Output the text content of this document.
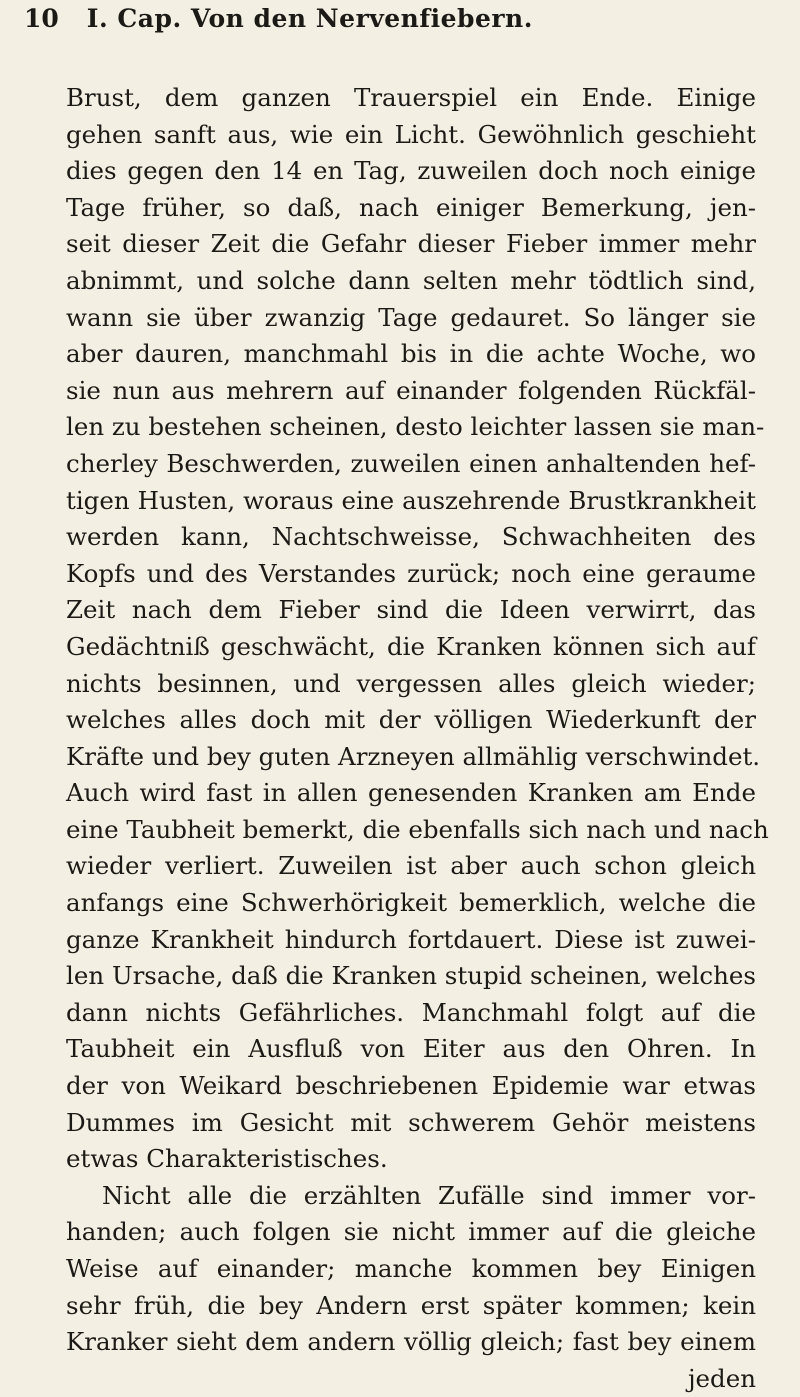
10 I. Cap. Von den Nervenfiebern.
Brust, dem ganzen Trauerspiel ein Ende. Einige
gehen sanft aus, wie ein Licht. Gewöhnlich geschieht
dies gegen den 14 en Tag, zuweilen doch noch einige
Tage früher, so daß, nach einiger Bemerkung, jen-
seit dieser Zeit die Gefahr dieser Fieber immer mehr
abnimmt, und solche dann selten mehr tödtlich sind,
wann sie über zwanzig Tage gedauret. So länger sie
aber dauren, manchmahl bis in die achte Woche, wo
sie nun aus mehrern auf einander folgenden Rückfäl-
len zu bestehen scheinen, desto leichter lassen sie man-
cherley Beschwerden, zuweilen einen anhaltenden hef-
tigen Husten, woraus eine auszehrende Brustkrankheit
werden kann, Nachtschweisse, Schwachheiten des
Kopfs und des Verstandes zurück; noch eine geraume
Zeit nach dem Fieber sind die Ideen verwirrt, das
Gedächtniß geschwächt, die Kranken können sich auf
nichts besinnen, und vergessen alles gleich wieder;
welches alles doch mit der völligen Wiederkunft der
Kräfte und bey guten Arzneyen allmählig verschwindet.
Auch wird fast in allen genesenden Kranken am Ende
eine Taubheit bemerkt, die ebenfalls sich nach und nach
wieder verliert. Zuweilen ist aber auch schon gleich
anfangs eine Schwerhörigkeit bemerklich, welche die
ganze Krankheit hindurch fortdauert. Diese ist zuwei-
len Ursache, daß die Kranken stupid scheinen, welches
dann nichts Gefährliches. Manchmahl folgt auf die
Taubheit ein Ausfluß von Eiter aus den Ohren. In
der von Weikard beschriebenen Epidemie war etwas
Dummes im Gesicht mit schwerem Gehör meistens
etwas Charakteristisches.
Nicht alle die erzählten Zufälle sind immer vor-
handen; auch folgen sie nicht immer auf die gleiche
Weise auf einander; manche kommen bey Einigen
sehr früh, die bey Andern erst später kommen; kein
Kranker sieht dem andern völlig gleich; fast bey einem
jeden
